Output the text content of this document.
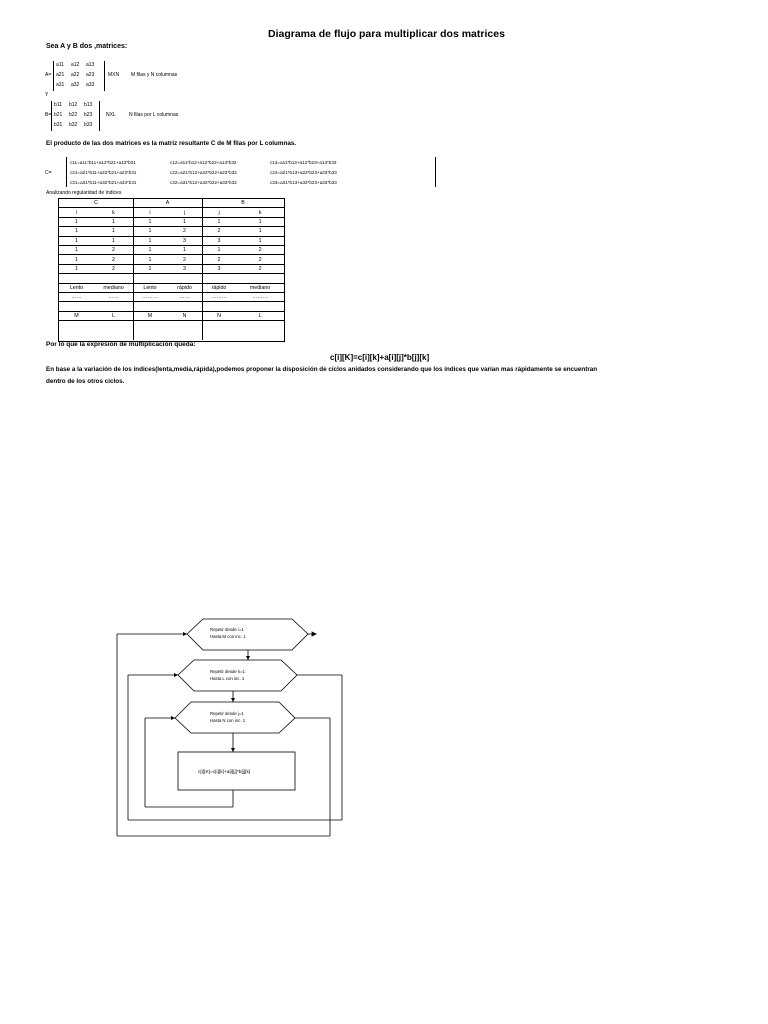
Diagrama de flujo para multiplicar dos matrices
Sea A y B dos ,matrices:
A=
a11 a12 a13
a21 a22 a23
a31 a32 a33
MXN M filas y N columnas
Y
B=
b11 b12 b13
b21 b22 b23
b31 b32 b33
NXL	N filas por L columnas
El producto de las dos matrices es la matriz resultante C de M filas por L columnas.
C=
c11=a11*b11+a12*b21+a13*b31	c12=a11*b12+a12*b22+a13*b32	c13=a11*b13+a12*b23+a13*b33
c21=a21*b11+a22*b21+a23*b31	c22=a21*b12+a22*b22+a23*b32	c23=a21*b13+a22*b23+a23*b33
c31=a31*b11+a32*b21+a33*b31	c32=a31*b12+a32*b22+a33*b32	c33=a31*b13+a32*b23+a33*b33
Analizando regularidad de índices
C		A		B	
i	k	i	j	j	k
1	1	1	1	1	1
1	1	1	2	2	1
1	1	1	3	3	1
1	2	1	1	1	2
1	2	1	2	2	2
1	2	1	3	3	2

Lento	mediano	Lento	rápido	rápido	mediano
……	……	………	……	………	………

M	L	M	N	N	L
Por lo que la expresión de multiplicación queda:
c[i][K]=c[i][k]+a[i][j]*b[j][k]
En base a la variación de los índices(lenta,media,rápida),podemos proponer la disposición de ciclos anidados considerando que los índices que varían mas rápidamente se encuentran
dentro de los otros ciclos.
Repetir desde i=1
Hasta M con inc. 1
Repetir desde k=1
Hasta L con inc. 1
Repetir desde j=1
Hasta N con inc. 1
c[i][K]=c[i][k]+a[i][j]*b[j][k]
